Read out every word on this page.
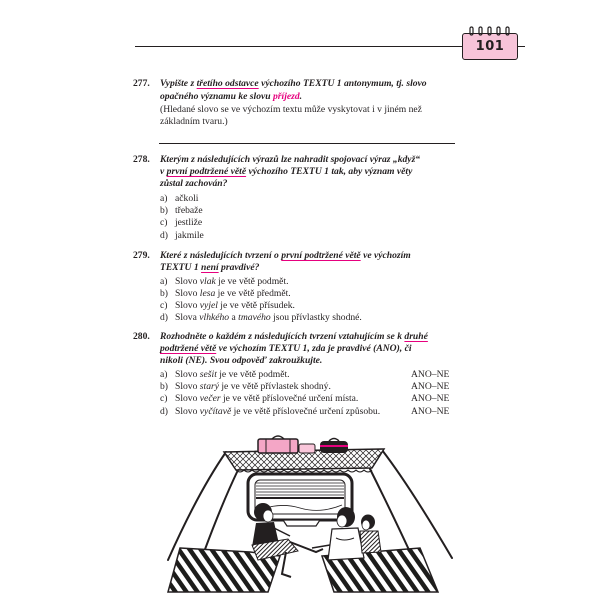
101
277. Vypište z třetího odstavce výchozího TEXTU 1 antonymum, tj. slovo
opačného významu ke slovu příjezd.
(Hledané slovo se ve výchozím textu může vyskytovat i v jiném než
základním tvaru.)
278. Kterým z následujících výrazů lze nahradit spojovací výraz „když“
v první podtržené větě výchozího TEXTU 1 tak, aby význam věty
zůstal zachován?
a) ačkoli
b) třebaže
c) jestliže
d) jakmile
279. Které z následujících tvrzení o první podtržené větě ve výchozím
TEXTU 1 není pravdivé?
a) Slovo vlak je ve větě podmět.
b) Slovo lesa je ve větě předmět.
c) Slovo vyjel je ve větě přísudek.
d) Slova vlhkého a tmavého jsou přívlastky shodné.
280. Rozhodněte o každém z následujících tvrzení vztahujícím se k druhé
podtržené větě ve výchozím TEXTU 1, zda je pravdivé (ANO), či
nikoli (NE). Svou odpověď zakroužkujte.
a) Slovo sešit je ve větě podmět.	ANO–NE
b) Slovo starý je ve větě přívlastek shodný.	ANO–NE
c) Slovo večer je ve větě příslovečné určení místa.	ANO–NE
d) Slovo vyčítavě je ve větě příslovečné určení způsobu.	ANO–NE
